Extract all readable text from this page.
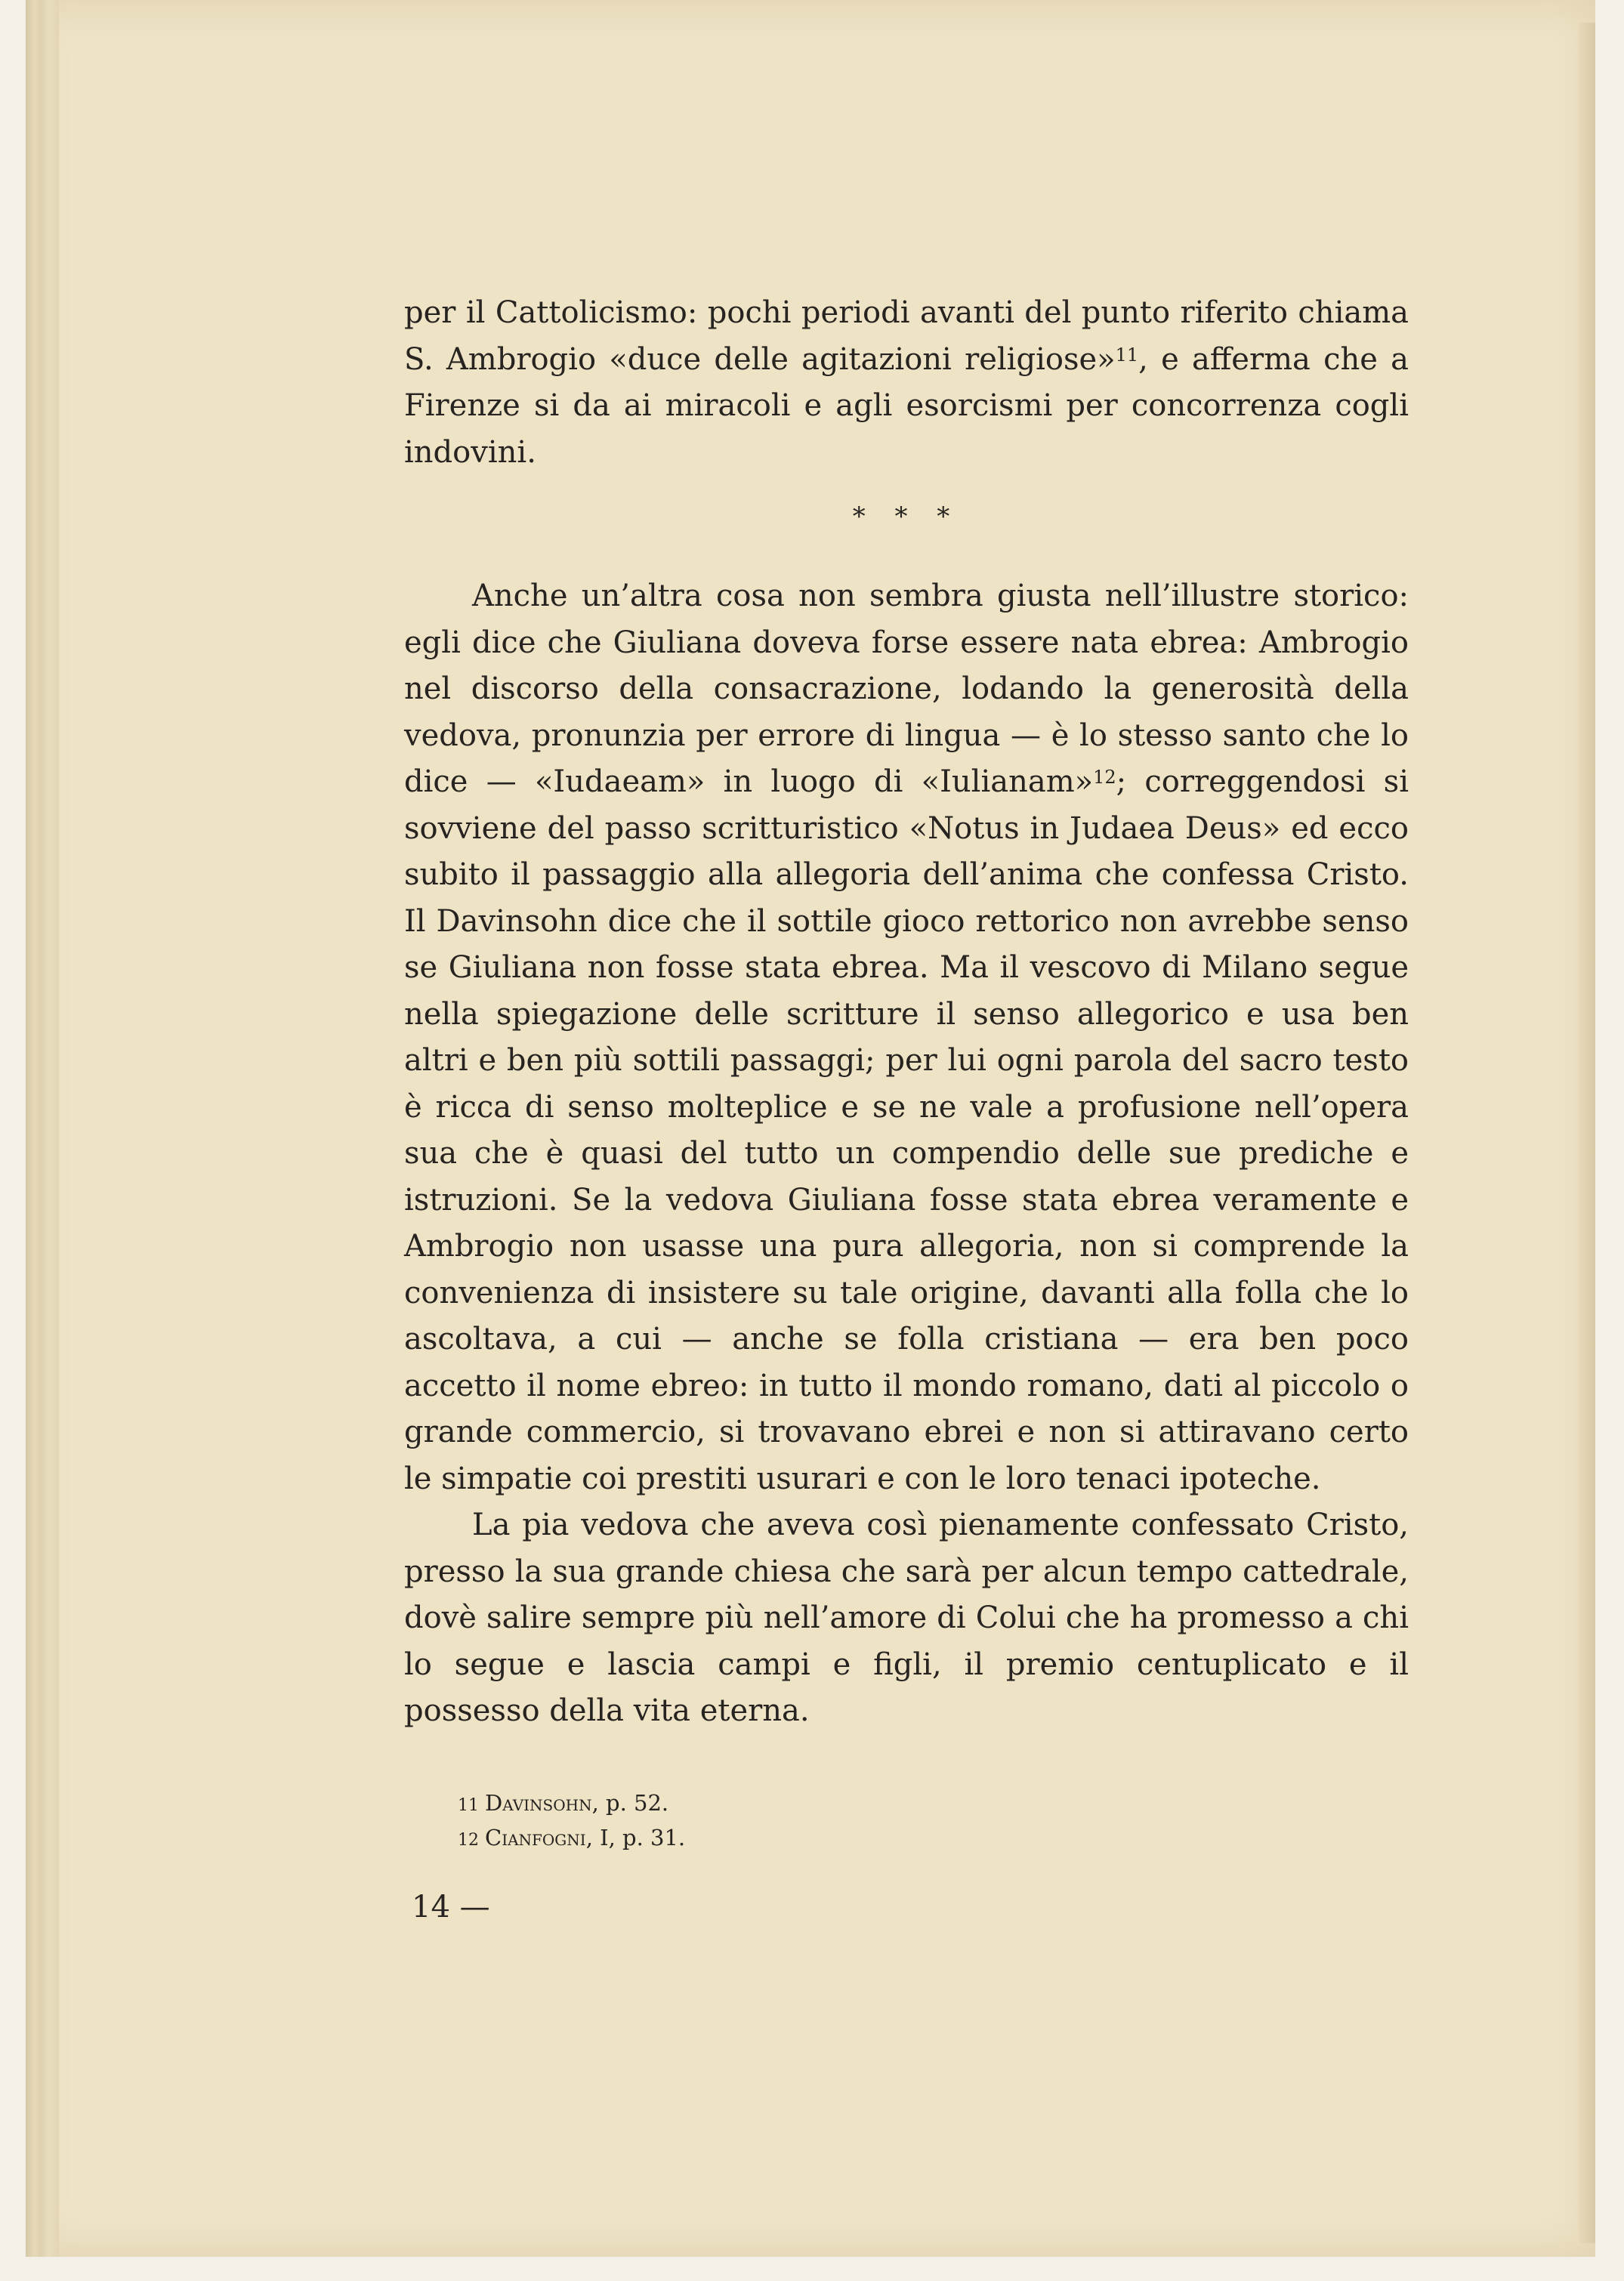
per il Cattolicismo: pochi periodi avanti del punto riferito chiama S. Ambrogio «duce delle agitazioni religiose»$^{11}$, e afferma che a Firenze si da ai miracoli e agli esorcismi per concorrenza cogli indovini.

* * *

Anche un’altra cosa non sembra giusta nell’illustre storico: egli dice che Giuliana doveva forse essere nata ebrea: Ambrogio nel discorso della consacrazione, lodando la generosità della vedova, pronunzia per errore di lingua — è lo stesso santo che lo dice — «Iudaeam» in luogo di «Iulianam»$^{12}$; correggendosi si sovviene del passo scritturistico «Notus in Judaea Deus» ed ecco subito il passaggio alla allegoria dell’anima che confessa Cristo. Il Davinsohn dice che il sottile gioco rettorico non avrebbe senso se Giuliana non fosse stata ebrea. Ma il vescovo di Milano segue nella spiegazione delle scritture il senso allegorico e usa ben altri e ben più sottili passaggi; per lui ogni parola del sacro testo è ricca di senso molteplice e se ne vale a profusione nell’opera sua che è quasi del tutto un compendio delle sue prediche e istruzioni. Se la vedova Giuliana fosse stata ebrea veramente e Ambrogio non usasse una pura allegoria, non si comprende la convenienza di insistere su tale origine, davanti alla folla che lo ascoltava, a cui — anche se folla cristiana — era ben poco accetto il nome ebreo: in tutto il mondo romano, dati al piccolo o grande commercio, si trovavano ebrei e non si attiravano certo le simpatie coi prestiti usurari e con le loro tenaci ipoteche.

La pia vedova che aveva così pienamente confessato Cristo, presso la sua grande chiesa che sarà per alcun tempo cattedrale, dovè salire sempre più nell’amore di Colui che ha promesso a chi lo segue e lascia campi e figli, il premio centuplicato e il possesso della vita eterna.

11 Davinsohn, p. 52.
12 Cianfogni, I, p. 31.
14 —
